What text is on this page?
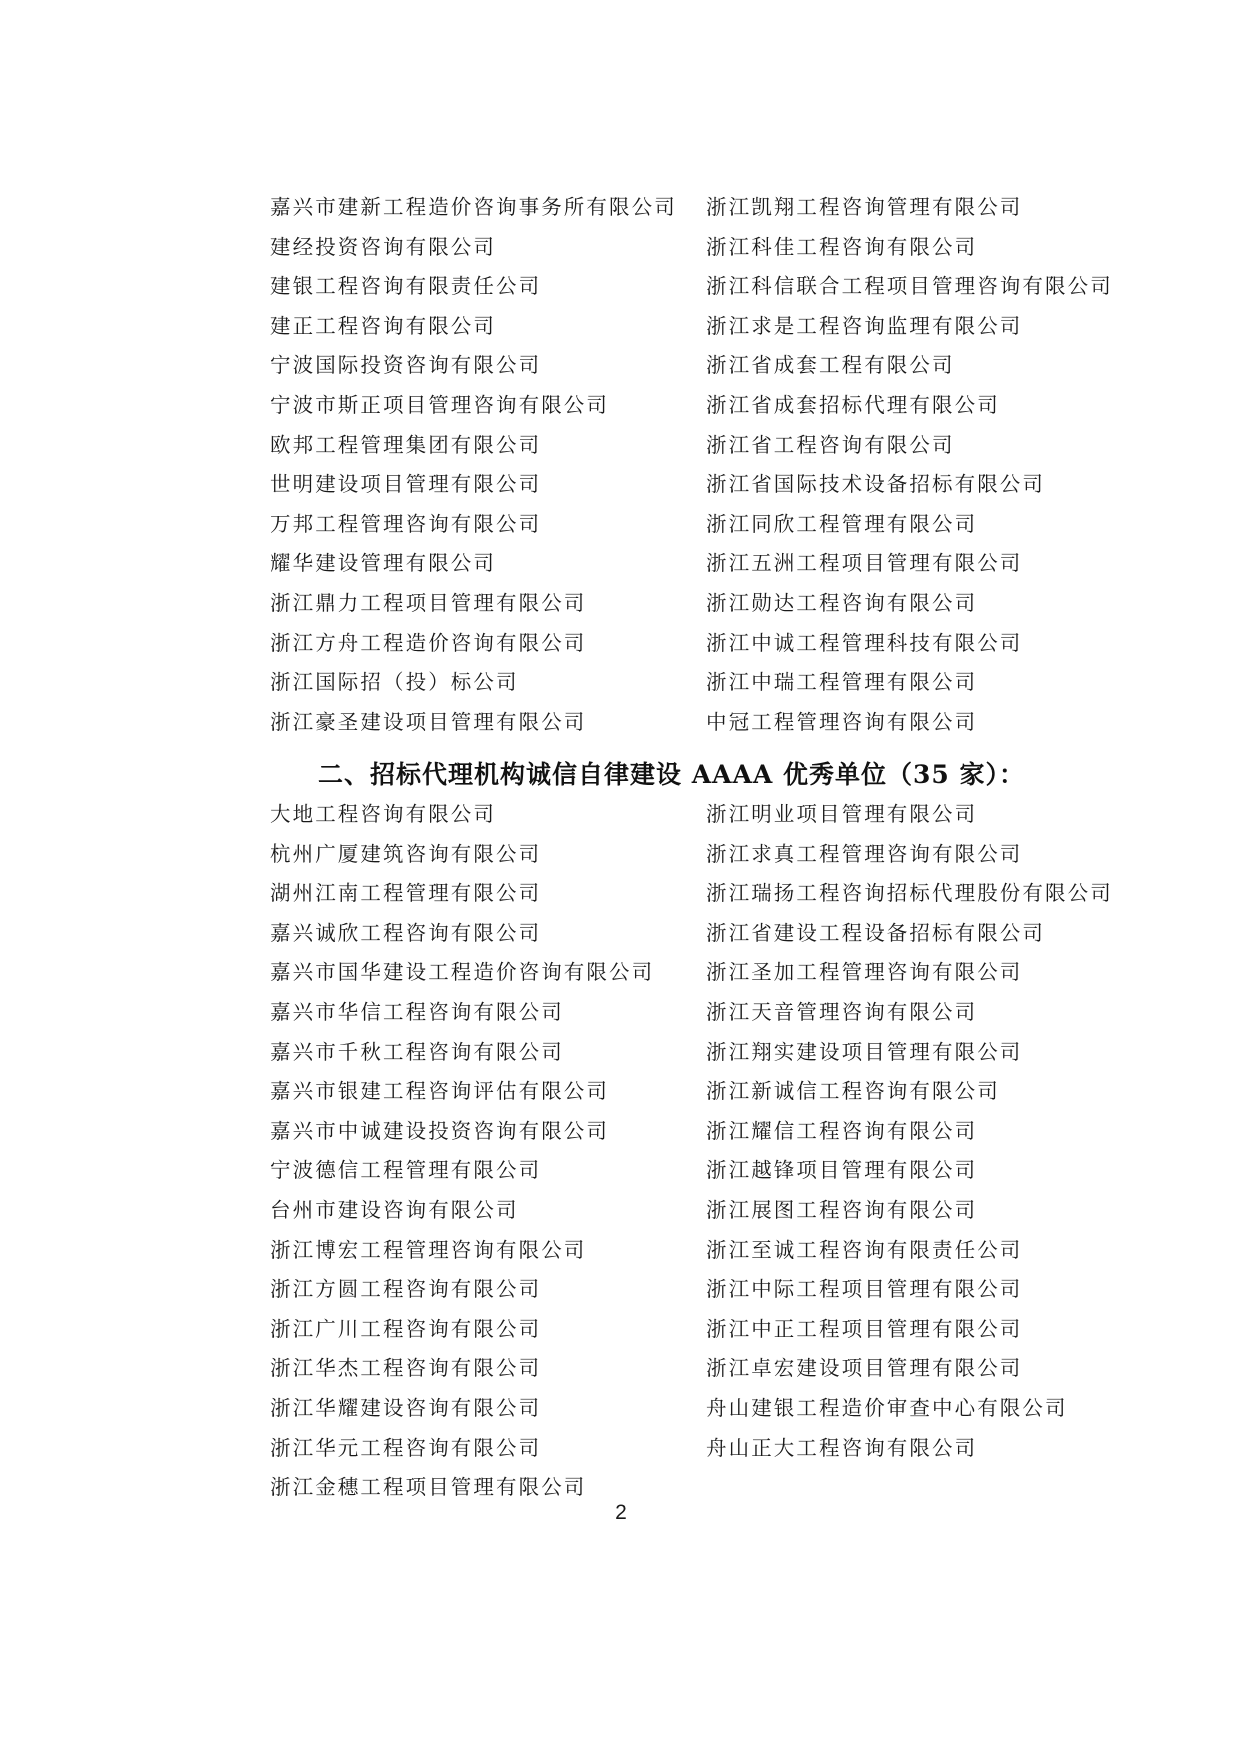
嘉兴市建新工程造价咨询事务所有限公司	浙江凯翔工程咨询管理有限公司
建经投资咨询有限公司	浙江科佳工程咨询有限公司
建银工程咨询有限责任公司	浙江科信联合工程项目管理咨询有限公司
建正工程咨询有限公司	浙江求是工程咨询监理有限公司
宁波国际投资咨询有限公司	浙江省成套工程有限公司
宁波市斯正项目管理咨询有限公司	浙江省成套招标代理有限公司
欧邦工程管理集团有限公司	浙江省工程咨询有限公司
世明建设项目管理有限公司	浙江省国际技术设备招标有限公司
万邦工程管理咨询有限公司	浙江同欣工程管理有限公司
耀华建设管理有限公司	浙江五洲工程项目管理有限公司
浙江鼎力工程项目管理有限公司	浙江勋达工程咨询有限公司
浙江方舟工程造价咨询有限公司	浙江中诚工程管理科技有限公司
浙江国际招（投）标公司	浙江中瑞工程管理有限公司
浙江豪圣建设项目管理有限公司	中冠工程管理咨询有限公司
二、招标代理机构诚信自律建设 AAAA 优秀单位（35 家）：
大地工程咨询有限公司	浙江明业项目管理有限公司
杭州广厦建筑咨询有限公司	浙江求真工程管理咨询有限公司
湖州江南工程管理有限公司	浙江瑞扬工程咨询招标代理股份有限公司
嘉兴诚欣工程咨询有限公司	浙江省建设工程设备招标有限公司
嘉兴市国华建设工程造价咨询有限公司	浙江圣加工程管理咨询有限公司
嘉兴市华信工程咨询有限公司	浙江天音管理咨询有限公司
嘉兴市千秋工程咨询有限公司	浙江翔实建设项目管理有限公司
嘉兴市银建工程咨询评估有限公司	浙江新诚信工程咨询有限公司
嘉兴市中诚建设投资咨询有限公司	浙江耀信工程咨询有限公司
宁波德信工程管理有限公司	浙江越锋项目管理有限公司
台州市建设咨询有限公司	浙江展图工程咨询有限公司
浙江博宏工程管理咨询有限公司	浙江至诚工程咨询有限责任公司
浙江方圆工程咨询有限公司	浙江中际工程项目管理有限公司
浙江广川工程咨询有限公司	浙江中正工程项目管理有限公司
浙江华杰工程咨询有限公司	浙江卓宏建设项目管理有限公司
浙江华耀建设咨询有限公司	舟山建银工程造价审查中心有限公司
浙江华元工程咨询有限公司	舟山正大工程咨询有限公司
浙江金穗工程项目管理有限公司
2
